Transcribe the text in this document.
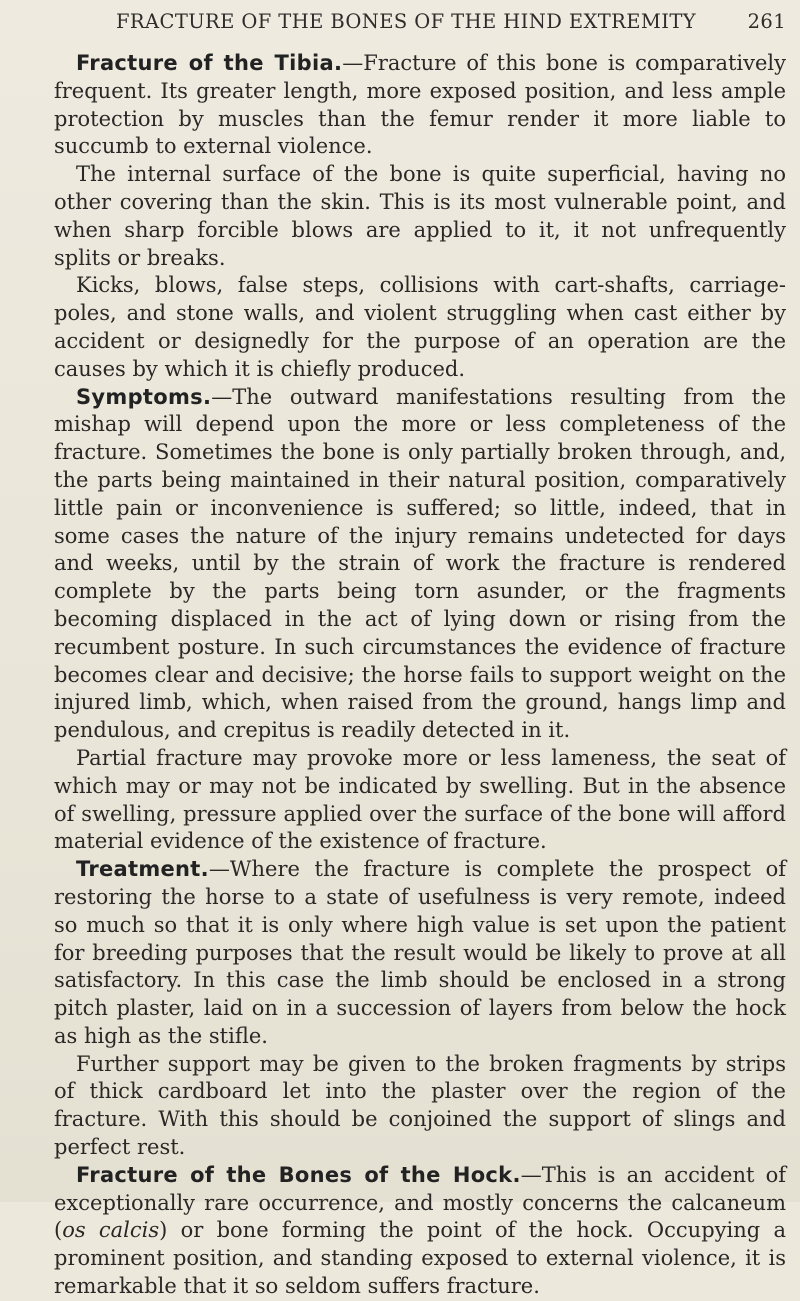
FRACTURE OF THE BONES OF THE HIND EXTREMITY	261

Fracture of the Tibia.—Fracture of this bone is comparatively frequent. Its greater length, more exposed position, and less ample protection by muscles than the femur render it more liable to succumb to external violence.

The internal surface of the bone is quite superficial, having no other covering than the skin. This is its most vulnerable point, and when sharp forcible blows are applied to it, it not unfrequently splits or breaks.

Kicks, blows, false steps, collisions with cart-shafts, carriage-poles, and stone walls, and violent struggling when cast either by accident or designedly for the purpose of an operation are the causes by which it is chiefly produced.

Symptoms.—The outward manifestations resulting from the mishap will depend upon the more or less completeness of the fracture. Sometimes the bone is only partially broken through, and, the parts being maintained in their natural position, comparatively little pain or inconvenience is suffered; so little, indeed, that in some cases the nature of the injury remains undetected for days and weeks, until by the strain of work the fracture is rendered complete by the parts being torn asunder, or the fragments becoming displaced in the act of lying down or rising from the recumbent posture. In such circumstances the evidence of fracture becomes clear and decisive; the horse fails to support weight on the injured limb, which, when raised from the ground, hangs limp and pendulous, and crepitus is readily detected in it.

Partial fracture may provoke more or less lameness, the seat of which may or may not be indicated by swelling. But in the absence of swelling, pressure applied over the surface of the bone will afford material evidence of the existence of fracture.

Treatment.—Where the fracture is complete the prospect of restoring the horse to a state of usefulness is very remote, indeed so much so that it is only where high value is set upon the patient for breeding purposes that the result would be likely to prove at all satisfactory. In this case the limb should be enclosed in a strong pitch plaster, laid on in a succession of layers from below the hock as high as the stifle.

Further support may be given to the broken fragments by strips of thick cardboard let into the plaster over the region of the fracture. With this should be conjoined the support of slings and perfect rest.

Fracture of the Bones of the Hock.—This is an accident of exceptionally rare occurrence, and mostly concerns the calcaneum (os calcis) or bone forming the point of the hock. Occupying a prominent position, and standing exposed to external violence, it is remarkable that it so seldom suffers fracture.
